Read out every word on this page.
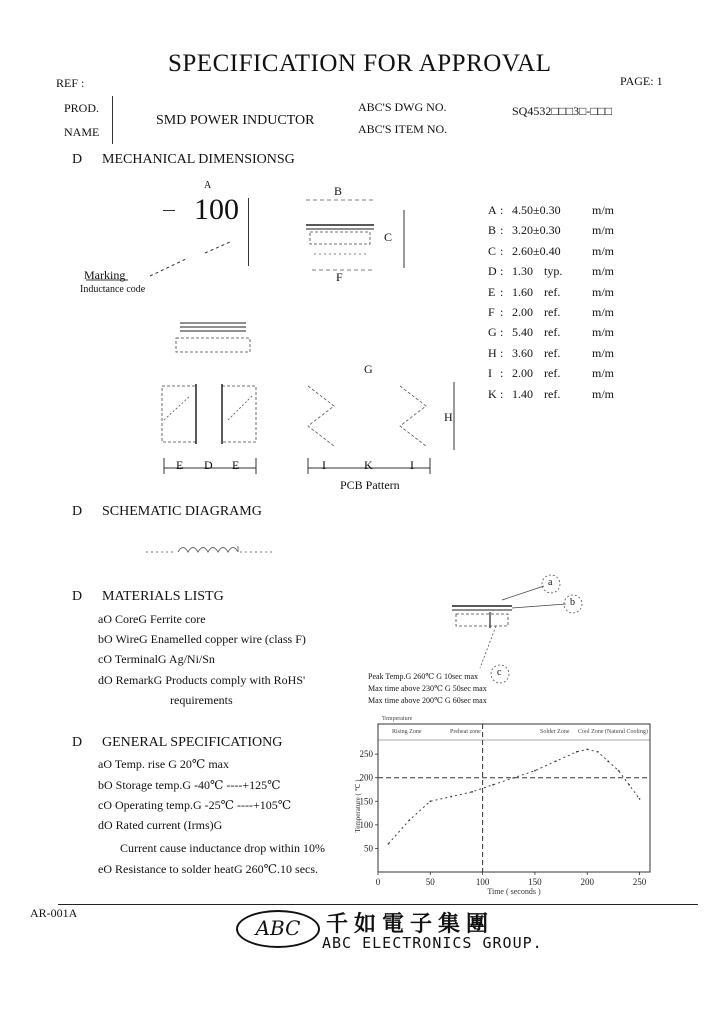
SPECIFICATION FOR APPROVAL
REF :	PAGE: 1
PROD.
NAME
SMD POWER INDUCTOR
ABC'S DWG NO.
ABC'S ITEM NO.
SQ4532□□□3□-□□□
D MECHANICAL DIMENSIONSG
D SCHEMATIC DIAGRAMG
D MATERIALS LISTG
D GENERAL SPECIFICATIONG
A
100
Marking
Inductance code
B
C
F
G
H
E D E	I	K	I
PCB Pattern
A : 4.50±0.30	m/m
B : 3.20±0.30	m/m
C : 2.60±0.40	m/m
D : 1.30 typ. m/m
E : 1.60 ref.	m/m
F : 2.00 ref.	m/m
G : 5.40 ref.	m/m
H : 3.60 ref.	m/m
I : 2.00 ref.	m/m
K : 1.40 ref.	m/m
aO CoreG Ferrite core
bO WireG Enamelled copper wire (class F)
cO TerminalG Ag/Ni/Sn
dO RemarkG Products comply with RoHS'
requirements
a
b
c
aO Temp. rise G 20℃ max
bO Storage temp.G -40℃ ----+125℃
cO Operating temp.G -25℃ ----+105℃
dO Rated current (Irms)G
Current cause inductance drop within 10%
eO Resistance to solder heatG 260℃.10 secs.
Peak Temp.G 260℃ G 10sec max
Max time above 230℃ G 50sec max
Max time above 200℃ G 60sec max
Temperature
Rising Zone	Preheat zone	Solder Zone Cool Zone (Natural Cooling)
0	50	100	150	200	250
50
100
150
200
250
Time ( seconds )
Temperature ( ℃ )
AR-001A
ABC	千如電子集團
ABC ELECTRONICS GROUP.
